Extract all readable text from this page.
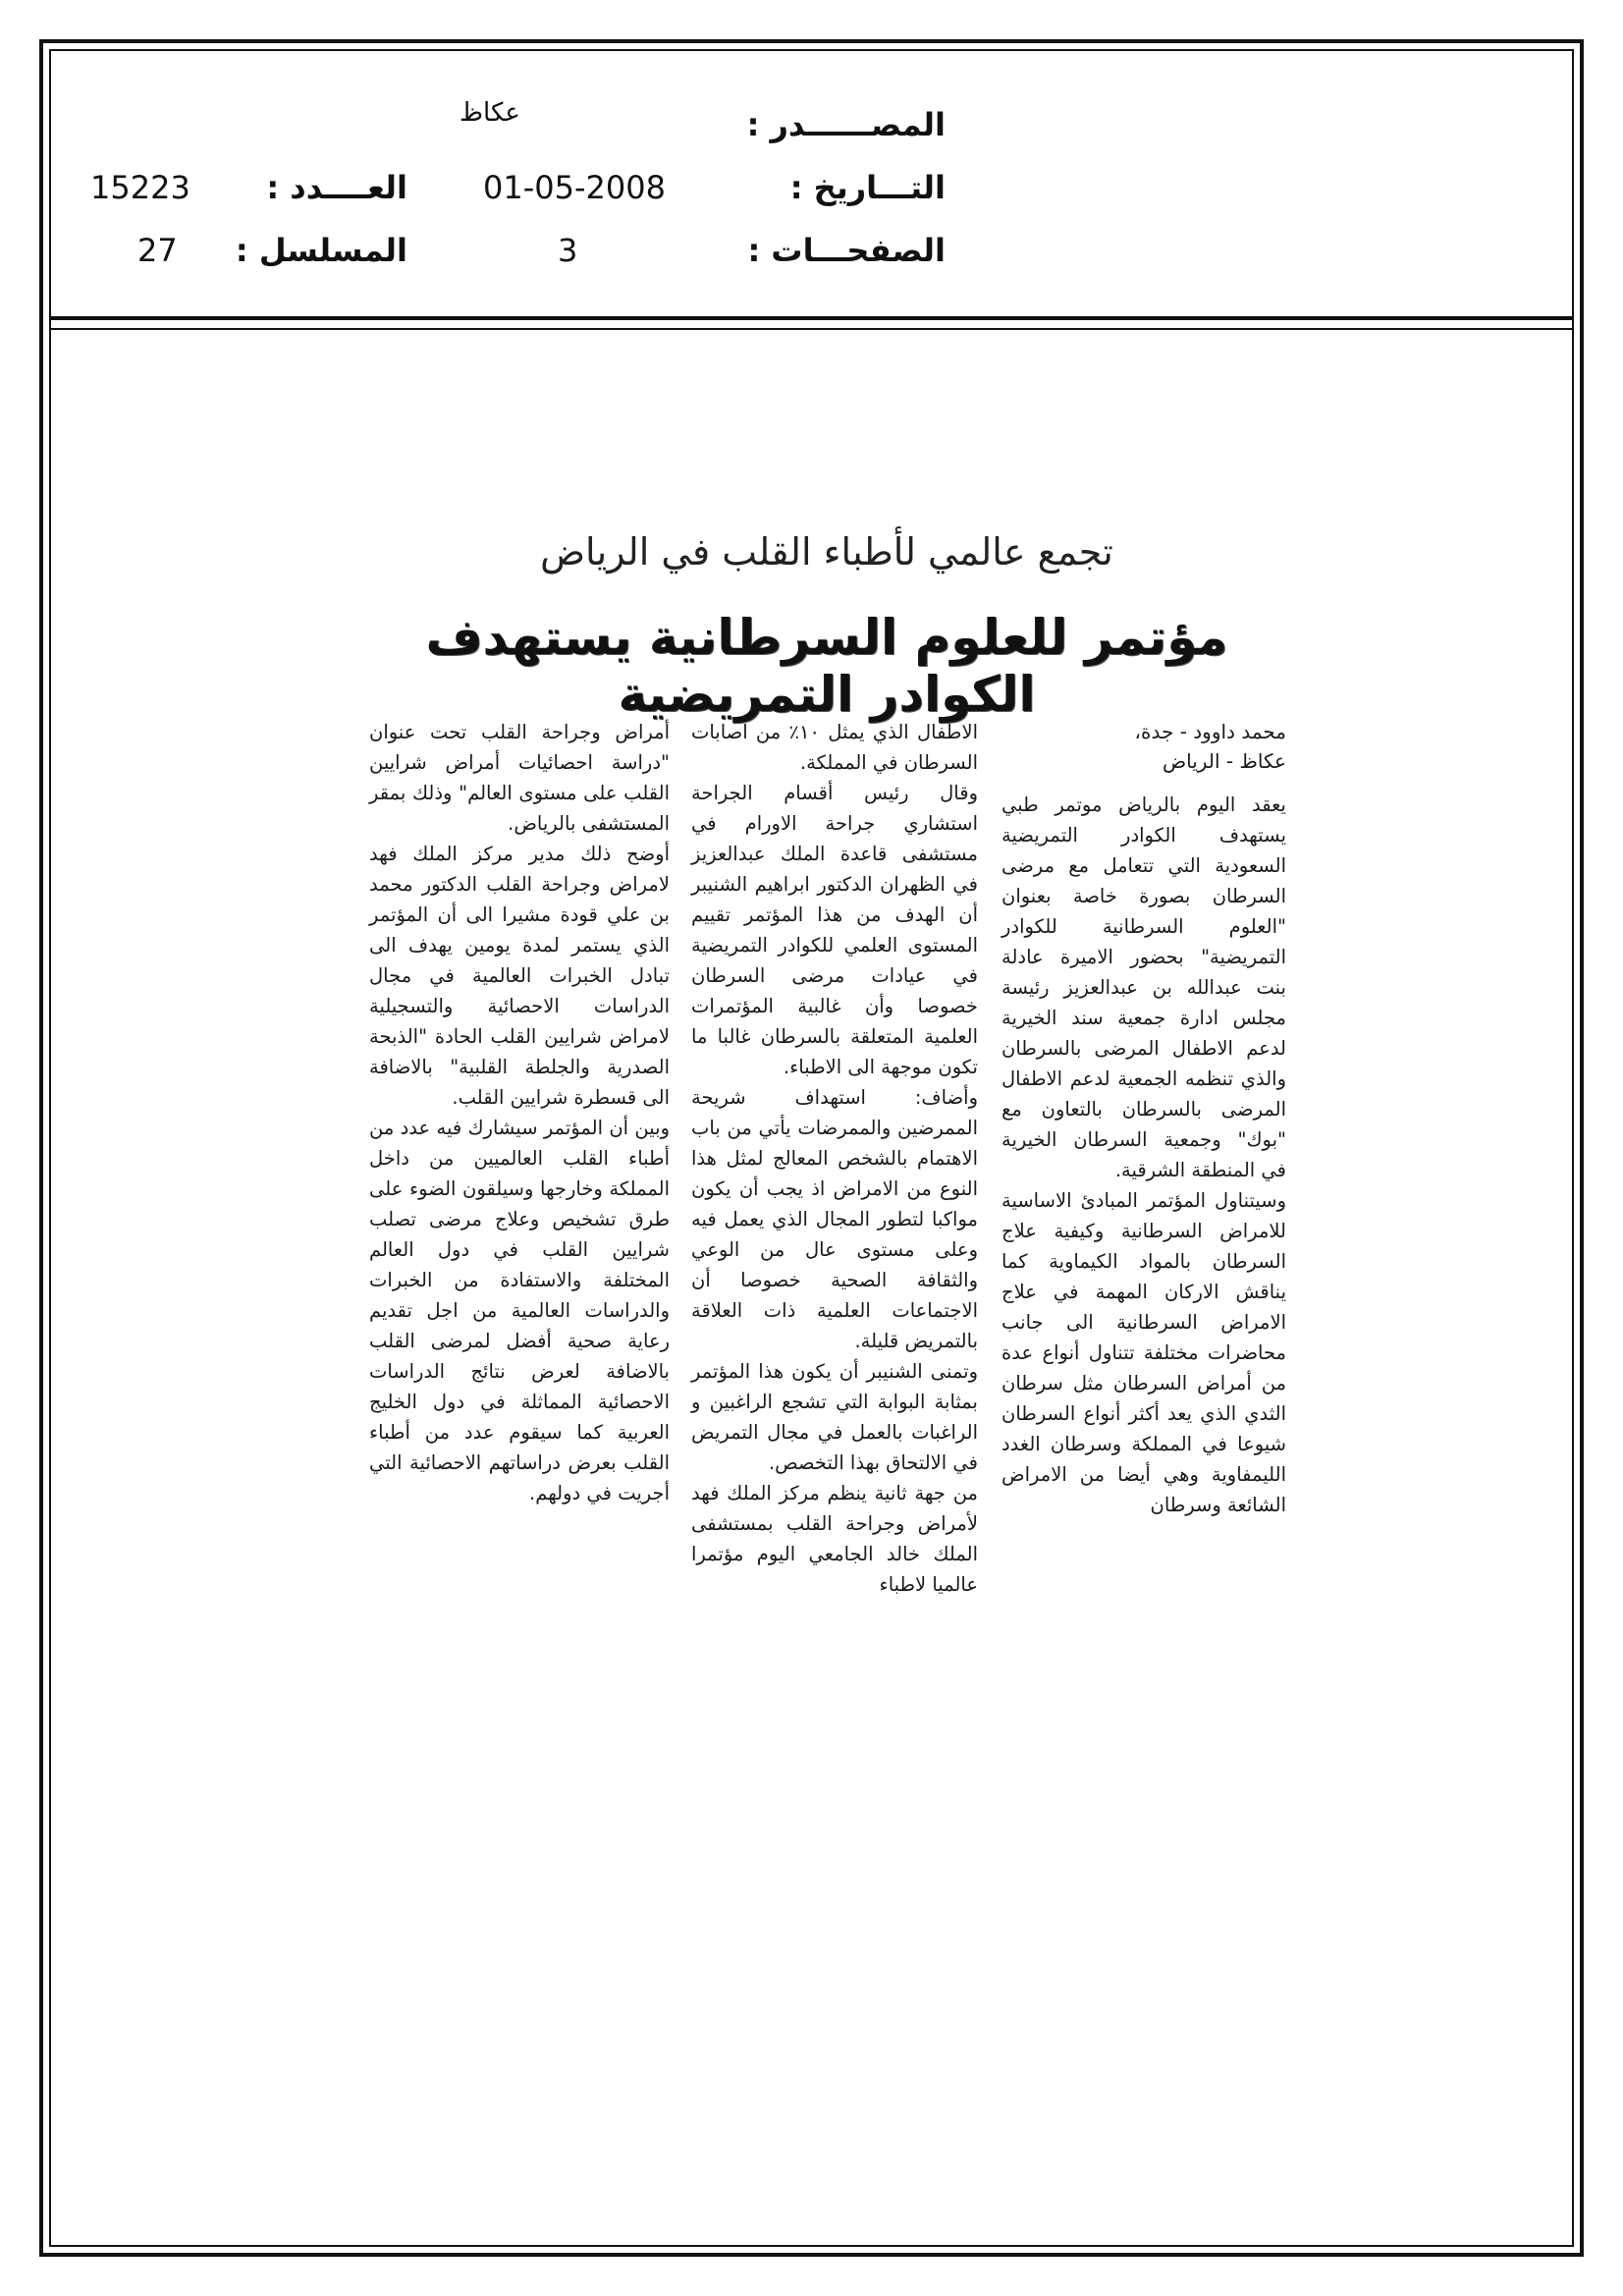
المصــــــدر :
عكاظ
التـــاريخ :
01-05-2008
العــــدد :
15223
الصفحـــات :
3
المسلسل :
27
تجمع عالمي لأطباء القلب في الرياض
مؤتمر للعلوم السرطانية يستهدف الكوادر التمريضية
محمد داوود - جدة،
عكاظ - الرياض

يعقد اليوم بالرياض موتمر طبي يستهدف الكوادر التمريضية السعودية التي تتعامل مع مرضى السرطان بصورة خاصة بعنوان "العلوم السرطانية للكوادر التمريضية" بحضور الاميرة عادلة بنت عبدالله بن عبدالعزيز رئيسة مجلس ادارة جمعية سند الخيرية لدعم الاطفال المرضى بالسرطان والذي تنظمه الجمعية لدعم الاطفال المرضى بالسرطان بالتعاون مع "بوك" وجمعية السرطان الخيرية في المنطقة الشرقية.

وسيتناول المؤتمر المبادئ الاساسية للامراض السرطانية وكيفية علاج السرطان بالمواد الكيماوية كما يناقش الاركان المهمة في علاج الامراض السرطانية الى جانب محاضرات مختلفة تتناول أنواع عدة من أمراض السرطان مثل سرطان الثدي الذي يعد أكثر أنواع السرطان شيوعا في المملكة وسرطان الغدد الليمفاوية وهي أيضا من الامراض الشائعة وسرطان

الاطفال الذي يمثل ١٠٪ من اصابات السرطان في المملكة.

وقال رئيس أقسام الجراحة استشاري جراحة الاورام في مستشفى قاعدة الملك عبدالعزيز في الظهران الدكتور ابراهيم الشنيبر أن الهدف من هذا المؤتمر تقييم المستوى العلمي للكوادر التمريضية في عيادات مرضى السرطان خصوصا وأن غالبية المؤتمرات العلمية المتعلقة بالسرطان غالبا ما تكون موجهة الى الاطباء.

وأضاف: استهداف شريحة الممرضين والممرضات يأتي من باب الاهتمام بالشخص المعالج لمثل هذا النوع من الامراض اذ يجب أن يكون مواكبا لتطور المجال الذي يعمل فيه وعلى مستوى عال من الوعي والثقافة الصحية خصوصا أن الاجتماعات العلمية ذات العلاقة بالتمريض قليلة.

وتمنى الشنيبر أن يكون هذا المؤتمر بمثابة البوابة التي تشجع الراغبين و الراغبات بالعمل في مجال التمريض في الالتحاق بهذا التخصص.

من جهة ثانية ينظم مركز الملك فهد لأمراض وجراحة القلب بمستشفى الملك خالد الجامعي اليوم مؤتمرا عالميا لاطباء

أمراض وجراحة القلب تحت عنوان "دراسة احصائيات أمراض شرايين القلب على مستوى العالم" وذلك بمقر المستشفى بالرياض.

أوضح ذلك مدير مركز الملك فهد لامراض وجراحة القلب الدكتور محمد بن علي قودة مشيرا الى أن المؤتمر الذي يستمر لمدة يومين يهدف الى تبادل الخبرات العالمية في مجال الدراسات الاحصائية والتسجيلية لامراض شرايين القلب الحادة "الذبحة الصدرية والجلطة القلبية" بالاضافة الى قسطرة شرايين القلب.

وبين أن المؤتمر سيشارك فيه عدد من أطباء القلب العالميين من داخل المملكة وخارجها وسيلقون الضوء على طرق تشخيص وعلاج مرضى تصلب شرايين القلب في دول العالم المختلفة والاستفادة من الخبرات والدراسات العالمية من اجل تقديم رعاية صحية أفضل لمرضى القلب بالاضافة لعرض نتائج الدراسات الاحصائية المماثلة في دول الخليج العربية كما سيقوم عدد من أطباء القلب بعرض دراساتهم الاحصائية التي أجريت في دولهم.
